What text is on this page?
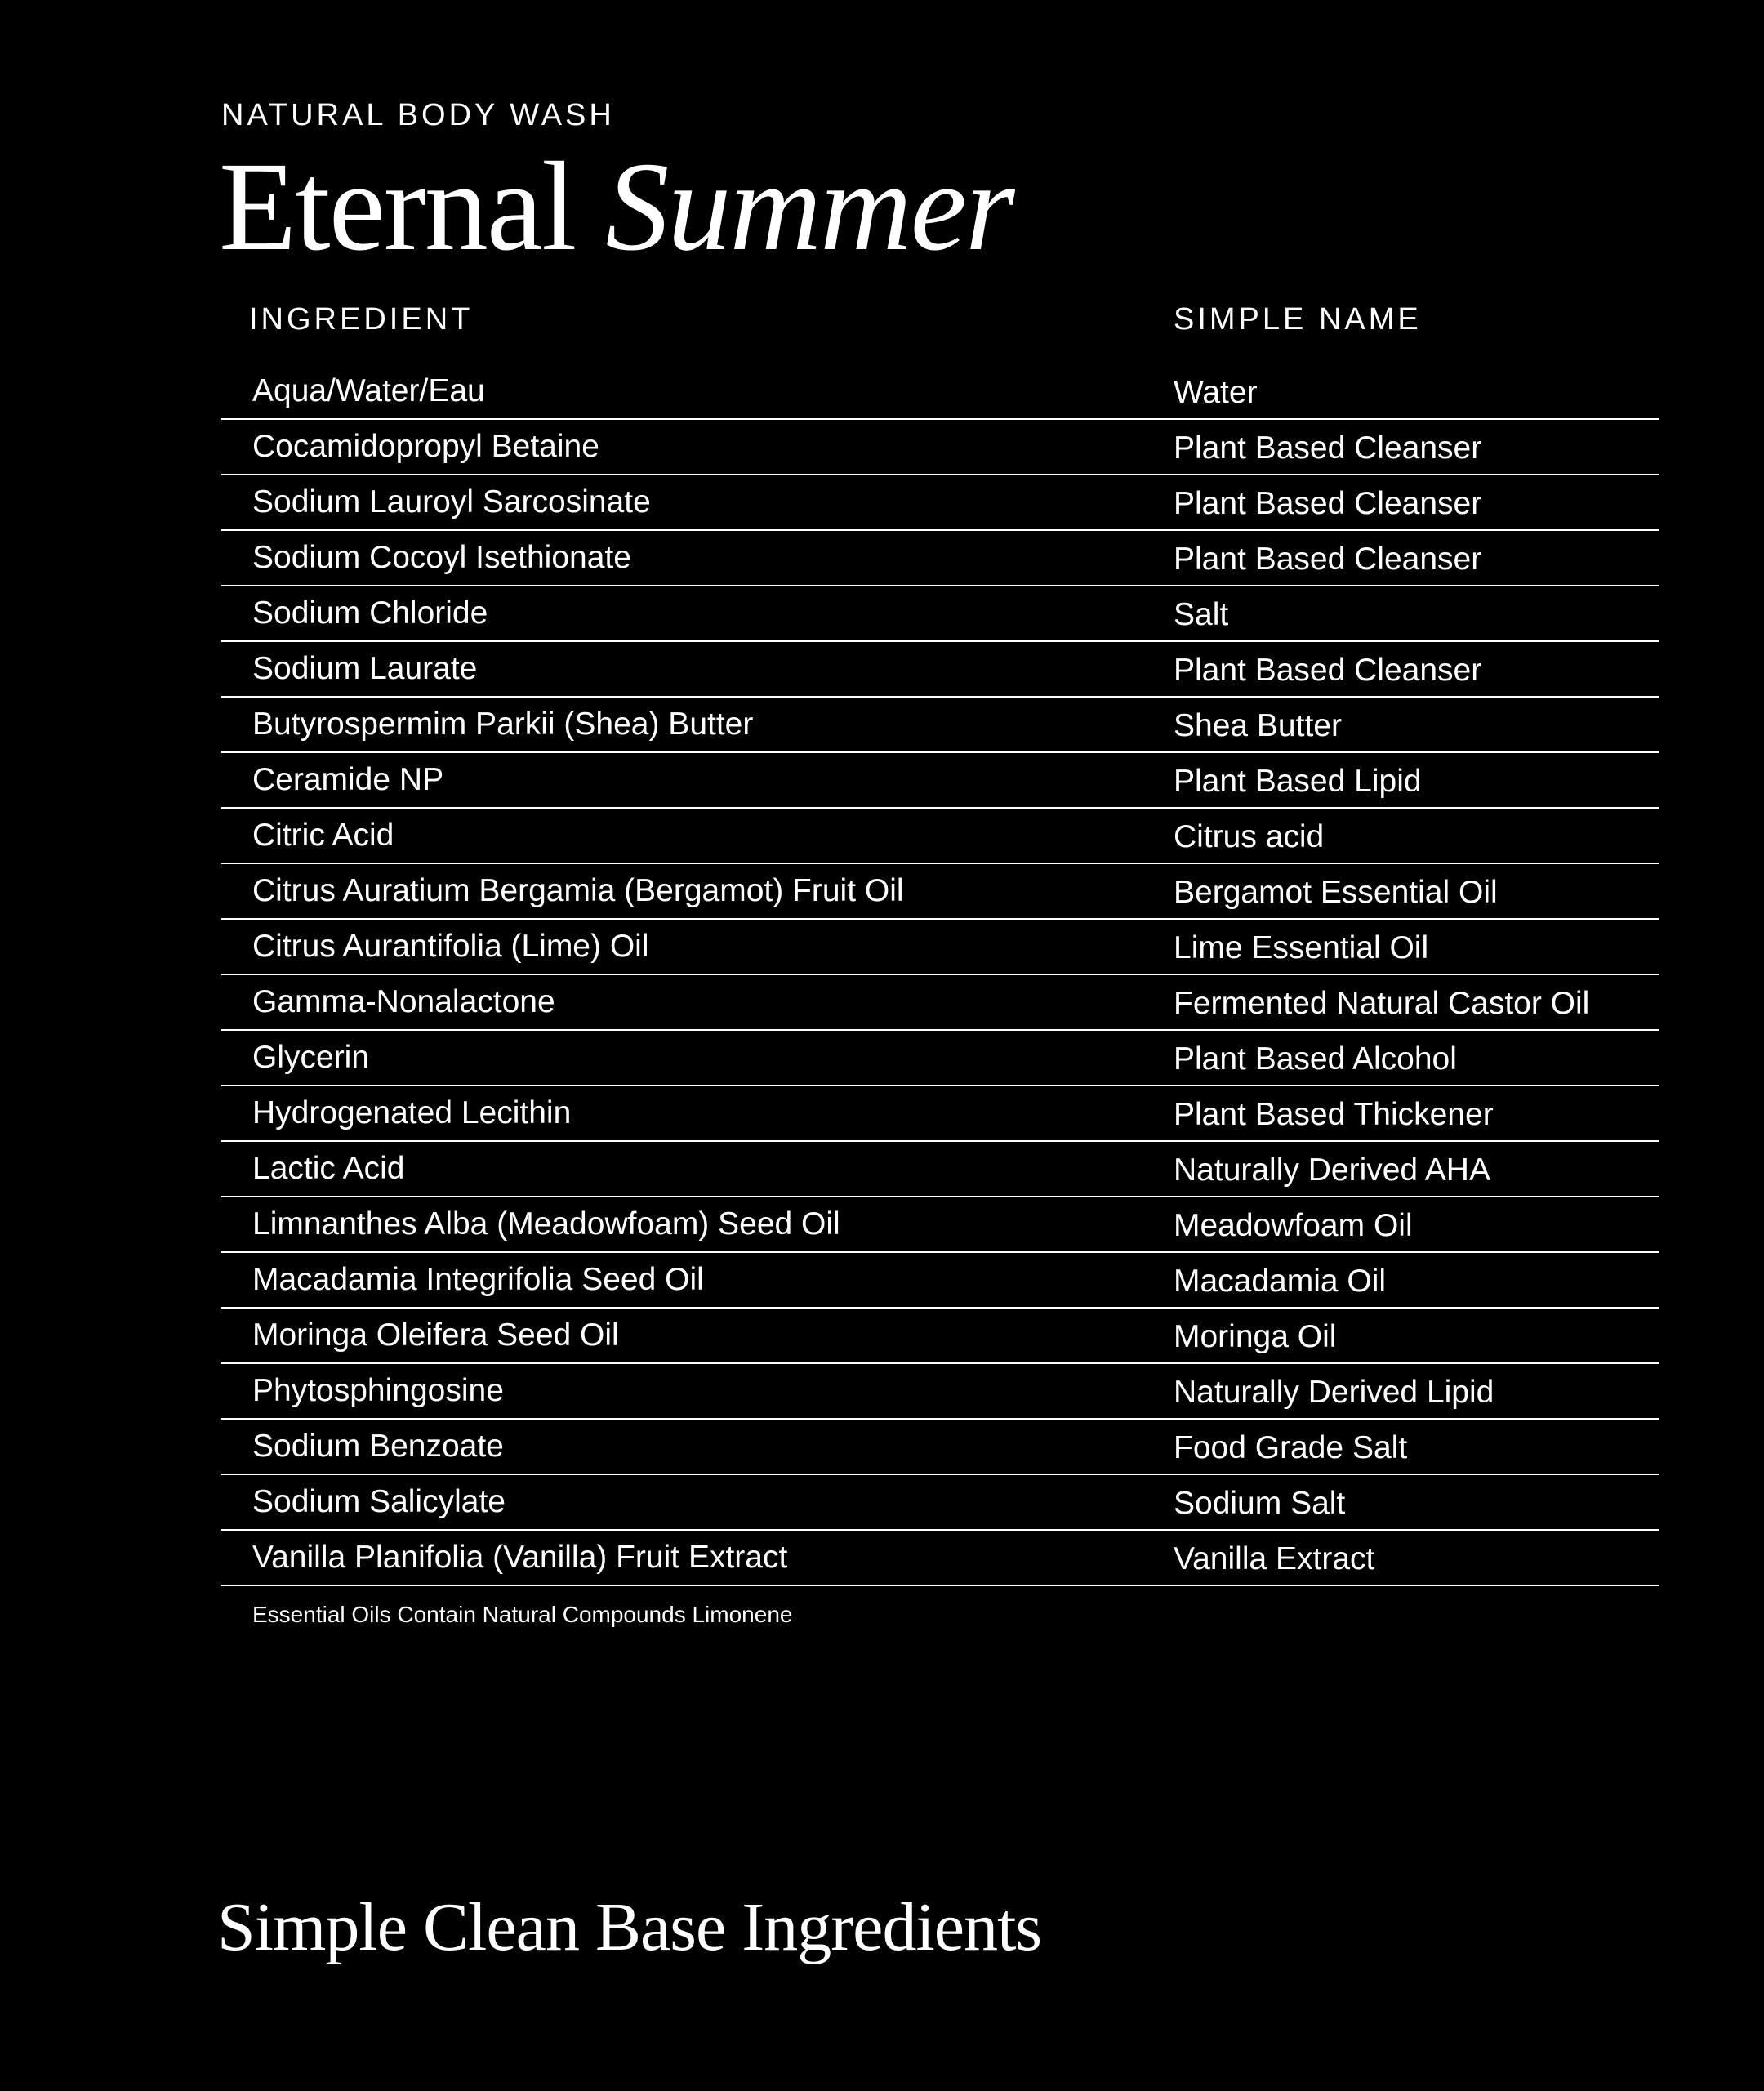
NATURAL BODY WASH
Eternal Summer
INGREDIENT	SIMPLE NAME
Aqua/Water/Eau	Water
Cocamidopropyl Betaine	Plant Based Cleanser
Sodium Lauroyl Sarcosinate	Plant Based Cleanser
Sodium Cocoyl Isethionate	Plant Based Cleanser
Sodium Chloride	Salt
Sodium Laurate	Plant Based Cleanser
Butyrospermim Parkii (Shea) Butter	Shea Butter
Ceramide NP	Plant Based Lipid
Citric Acid	Citrus acid
Citrus Auratium Bergamia (Bergamot) Fruit Oil	Bergamot Essential Oil
Citrus Aurantifolia (Lime) Oil	Lime Essential Oil
Gamma-Nonalactone	Fermented Natural Castor Oil
Glycerin	Plant Based Alcohol
Hydrogenated Lecithin	Plant Based Thickener
Lactic Acid	Naturally Derived AHA
Limnanthes Alba (Meadowfoam) Seed Oil	Meadowfoam Oil
Macadamia Integrifolia Seed Oil	Macadamia Oil
Moringa Oleifera Seed Oil	Moringa Oil
Phytosphingosine	Naturally Derived Lipid
Sodium Benzoate	Food Grade Salt
Sodium Salicylate	Sodium Salt
Vanilla Planifolia (Vanilla) Fruit Extract	Vanilla Extract
Essential Oils Contain Natural Compounds Limonene
Simple Clean Base Ingredients
